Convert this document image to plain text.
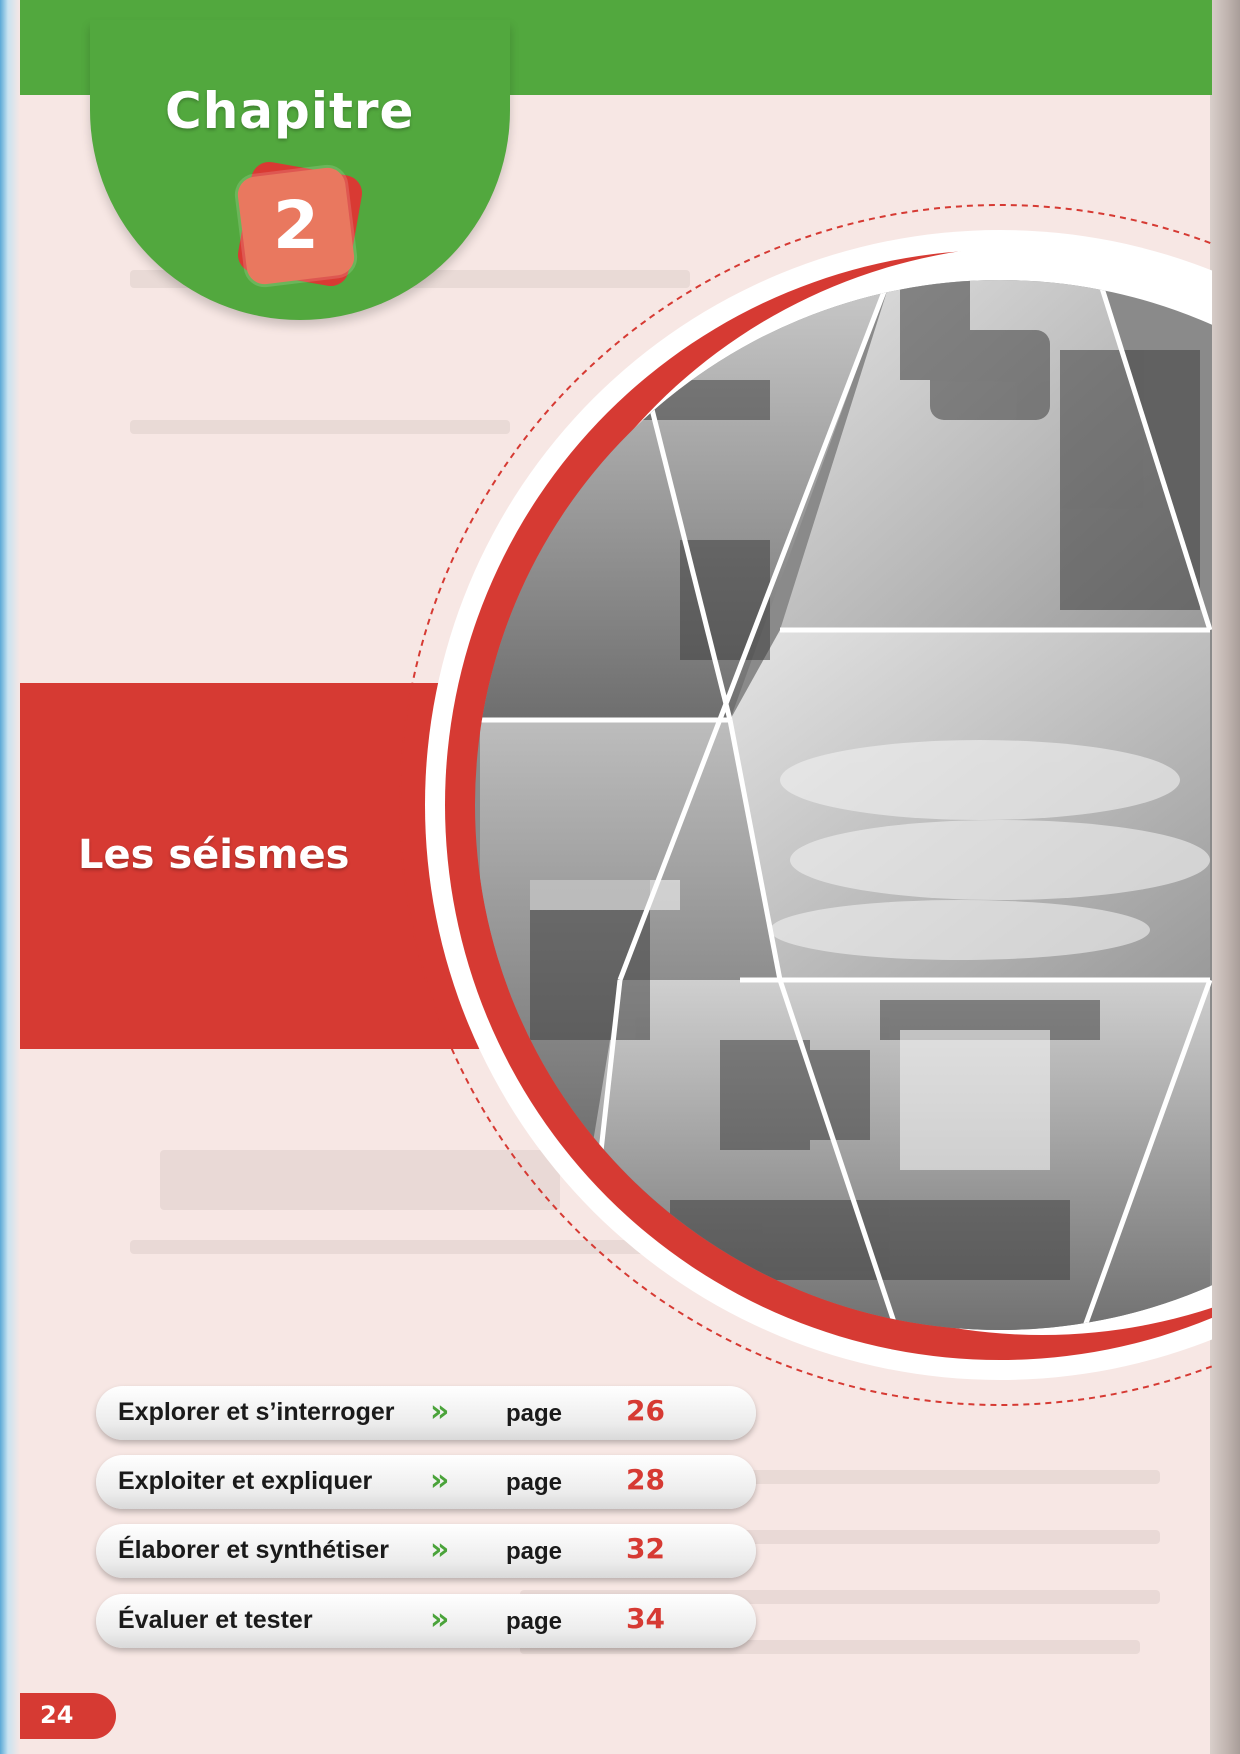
Chapitre
2
Les séismes
Explorer et s’interroger » page 26
Exploiter et expliquer » page 28
Élaborer et synthétiser » page 32
Évaluer et tester	» page 34
24
